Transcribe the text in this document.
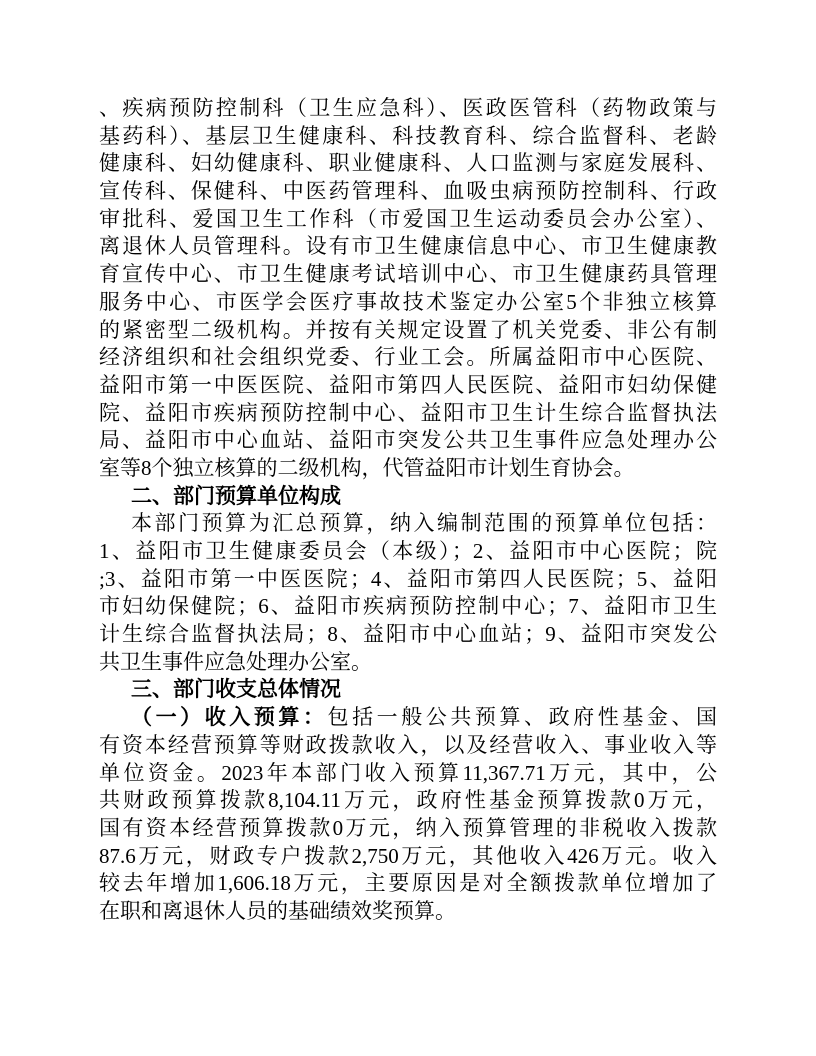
、疾病预防控制科（卫生应急科）、医政医管科（药物政策与
基药科）、基层卫生健康科、科技教育科、综合监督科、老龄
健康科、妇幼健康科、职业健康科、人口监测与家庭发展科、
宣传科、保健科、中医药管理科、血吸虫病预防控制科、行政
审批科、爱国卫生工作科（市爱国卫生运动委员会办公室）、
离退休人员管理科。设有市卫生健康信息中心、市卫生健康教
育宣传中心、市卫生健康考试培训中心、市卫生健康药具管理
服务中心、市医学会医疗事故技术鉴定办公室5个非独立核算
的紧密型二级机构。并按有关规定设置了机关党委、非公有制
经济组织和社会组织党委、行业工会。所属益阳市中心医院、
益阳市第一中医医院、益阳市第四人民医院、益阳市妇幼保健
院、益阳市疾病预防控制中心、益阳市卫生计生综合监督执法
局、益阳市中心血站、益阳市突发公共卫生事件应急处理办公
室等8个独立核算的二级机构，代管益阳市计划生育协会。
二、部门预算单位构成
本部门预算为汇总预算，纳入编制范围的预算单位包括：
1、益阳市卫生健康委员会（本级）；2、益阳市中心医院；院
;3、益阳市第一中医医院；4、益阳市第四人民医院；5、益阳
市妇幼保健院；6、益阳市疾病预防控制中心；7、益阳市卫生
计生综合监督执法局；8、益阳市中心血站；9、益阳市突发公
共卫生事件应急处理办公室。
三、部门收支总体情况
（一）收入预算：包括一般公共预算、政府性基金、国
有资本经营预算等财政拨款收入，以及经营收入、事业收入等
单位资金。2023年本部门收入预算11,367.71万元，其中，公
共财政预算拨款8,104.11万元，政府性基金预算拨款0万元，
国有资本经营预算拨款0万元，纳入预算管理的非税收入拨款
87.6万元，财政专户拨款2,750万元，其他收入426万元。收入
较去年增加1,606.18万元，主要原因是对全额拨款单位增加了
在职和离退休人员的基础绩效奖预算。
